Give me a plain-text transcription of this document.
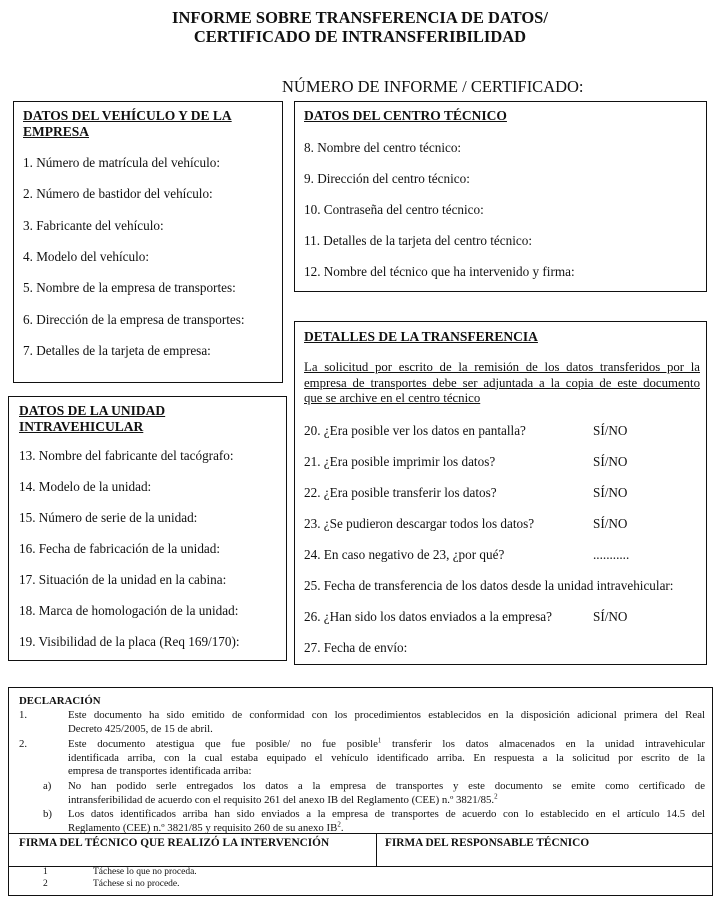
INFORME SOBRE TRANSFERENCIA DE DATOS/
CERTIFICADO DE INTRANSFERIBILIDAD
NÚMERO DE INFORME / CERTIFICADO:
DATOS DEL VEHÍCULO Y DE LA
EMPRESA
1. Número de matrícula del vehículo:
2. Número de bastidor del vehículo:
3. Fabricante del vehículo:
4. Modelo del vehículo:
5. Nombre de la empresa de transportes:
6. Dirección de la empresa de transportes:
7. Detalles de la tarjeta de empresa:
DATOS DEL CENTRO TÉCNICO
8. Nombre del centro técnico:
9. Dirección del centro técnico:
10. Contraseña del centro técnico:
11. Detalles de la tarjeta del centro técnico:
12. Nombre del técnico que ha intervenido y firma:
DATOS DE LA UNIDAD
INTRAVEHICULAR
13. Nombre del fabricante del tacógrafo:
14. Modelo de la unidad:
15. Número de serie de la unidad:
16. Fecha de fabricación de la unidad:
17. Situación de la unidad en la cabina:
18. Marca de homologación de la unidad:
19. Visibilidad de la placa (Req 169/170):
DETALLES DE LA TRANSFERENCIA
La solicitud por escrito de la remisión de los datos transferidos por la
empresa de transportes debe ser adjuntada a la copia de este documento
que se archive en el centro técnico
20. ¿Era posible ver los datos en pantalla?	SÍ/NO
21. ¿Era posible imprimir los datos?	SÍ/NO
22. ¿Era posible transferir los datos?	SÍ/NO
23. ¿Se pudieron descargar todos los datos?	SÍ/NO
24. En caso negativo de 23, ¿por qué?	...........
25. Fecha de transferencia de los datos desde la unidad intravehicular:
26. ¿Han sido los datos enviados a la empresa?	SÍ/NO
27. Fecha de envío:
DECLARACIÓN
1.	Este documento ha sido emitido de conformidad con los procedimientos establecidos en la disposición adicional primera del Real
Decreto 425/2005, de 15 de abril.
2.	Este documento atestigua que fue posible/ no fue posible$^1$ transferir los datos almacenados en la unidad intravehicular
identificada arriba, con la cual estaba equipado el vehículo identificado arriba. En respuesta a la solicitud por escrito de la
empresa de transportes identificada arriba:
a) No han podido serle entregados los datos a la empresa de transportes y este documento se emite como certificado de
intransferibilidad de acuerdo con el requisito 261 del anexo IB del Reglamento (CEE) n.º 3821/85.$^2$
b) Los datos identificados arriba han sido enviados a la empresa de transportes de acuerdo con lo establecido en el artículo 14.5 del
Reglamento (CEE) n.º 3821/85 y requisito 260 de su anexo $IB^2$.
FIRMA DEL TÉCNICO QUE REALIZÓ LA INTERVENCIÓN	FIRMA DEL RESPONSABLE TÉCNICO
1	Táchese lo que no proceda.
2	Táchese si no procede.
